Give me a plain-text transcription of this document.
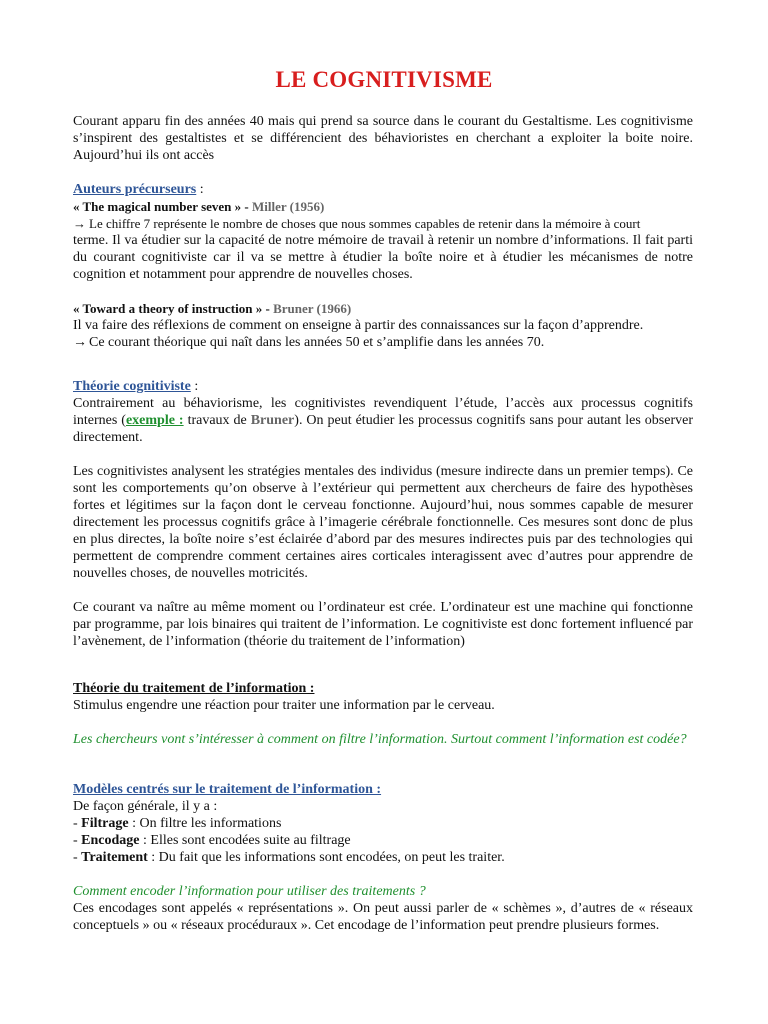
LE COGNITIVISME

Courant apparu fin des années 40 mais qui prend sa source dans le courant du Gestaltisme. Les cognitivisme s’inspirent des gestaltistes et se différencient des béhavioristes en cherchant a exploiter la boite noire. Aujourd’hui ils ont accès

Auteurs précurseurs :
« The magical number seven » - Miller (1956)
→ Le chiffre 7 représente le nombre de choses que nous sommes capables de retenir dans la mémoire à court

terme. Il va étudier sur la capacité de notre mémoire de travail à retenir un nombre d’informations. Il fait parti du courant cognitiviste car il va se mettre à étudier la boîte noire et à étudier les mécanismes de notre cognition et notamment pour apprendre de nouvelles choses.

« Toward a theory of instruction » - Bruner (1966)

Il va faire des réflexions de comment on enseigne à partir des connaissances sur la façon d’apprendre.

→ Ce courant théorique qui naît dans les années 50 et s’amplifie dans les années 70.
Théorie cognitiviste :

Contrairement au béhaviorisme, les cognitivistes revendiquent l’étude, l’accès aux processus cognitifs internes (exemple : travaux de Bruner). On peut étudier les processus cognitifs sans pour autant les observer directement.

Les cognitivistes analysent les stratégies mentales des individus (mesure indirecte dans un premier temps). Ce sont les comportements qu’on observe à l’extérieur qui permettent aux chercheurs de faire des hypothèses fortes et légitimes sur la façon dont le cerveau fonctionne. Aujourd’hui, nous sommes capable de mesurer directement les processus cognitifs grâce à l’imagerie cérébrale fonctionnelle. Ces mesures sont donc de plus en plus directes, la boîte noire s’est éclairée d’abord par des mesures indirectes puis par des technologies qui permettent de comprendre comment certaines aires corticales interagissent avec d’autres pour apprendre de nouvelles choses, de nouvelles motricités.

Ce courant va naître au même moment ou l’ordinateur est crée. L’ordinateur est une machine qui fonctionne par programme, par lois binaires qui traitent de l’information. Le cognitiviste est donc fortement influencé par l’avènement, de l’information (théorie du traitement de l’information)

Théorie du traitement de l’information :

Stimulus engendre une réaction pour traiter une information par le cerveau.

Les chercheurs vont s’intéresser à comment on filtre l’information. Surtout comment l’information est codée?

Modèles centrés sur le traitement de l’information :
De façon générale, il y a :
- Filtrage : On filtre les informations
- Encodage : Elles sont encodées suite au filtrage
- Traitement : Du fait que les informations sont encodées, on peut les traiter.
Comment encoder l’information pour utiliser des traitements ?

Ces encodages sont appelés « représentations ». On peut aussi parler de « schèmes », d’autres de « réseaux conceptuels » ou « réseaux procéduraux ». Cet encodage de l’information peut prendre plusieurs formes.
